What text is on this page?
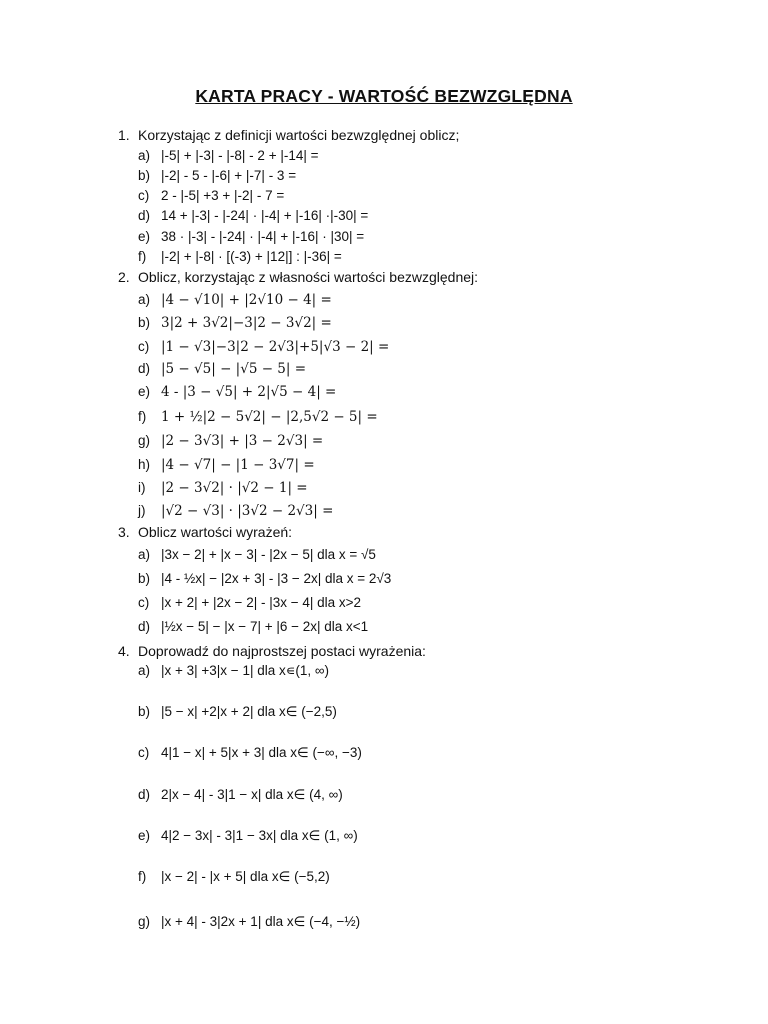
KARTA PRACY - WARTOŚĆ BEZWZGLĘDNA
1. Korzystając z definicji wartości bezwzględnej oblicz;
a) |-5| + |-3| - |-8| - 2 + |-14| =
b) |-2| - 5 - |-6| + |-7| - 3 =
c) 2 - |-5| +3 + |-2| - 7 =
d) 14 + |-3| - |-24| · |-4| + |-16| ·|-30| =
e) 38 · |-3| - |-24| · |-4| + |-16| · |30| =
f) |-2| + |-8| · [(-3) + |12|] : |-36| =
2. Oblicz, korzystając z własności wartości bezwzględnej:
a) |4 − √10| + |2√10 − 4| =
b) 3|2 + 3√2|−3|2 − 3√2| =
c) |1 − √3|−3|2 − 2√3|+5|√3 − 2| =
d) |5 − √5| − |√5 − 5| =
e) 4 - |3 − √5| + 2|√5 − 4| =
f) 1 + ½|2 − 5√2| − |2,5√2 − 5| =
g) |2 − 3√3| + |3 − 2√3| =
h) |4 − √7| − |1 − 3√7| =
i) |2 − 3√2| · |√2 − 1| =
j) |√2 − √3| · |3√2 − 2√3| =
3. Oblicz wartości wyrażeń:
a) |3x − 2| + |x − 3| - |2x − 5| dla x = √5
b) |4 - ½x| − |2x + 3| - |3 − 2x| dla x = 2√3
c) |x + 2| + |2x − 2| - |3x − 4| dla x>2
d) |½x − 5| − |x − 7| + |6 − 2x| dla x<1
4. Doprowadź do najprostszej postaci wyrażenia:
a) |x + 3| +3|x − 1| dla x∊(1, ∞)
b) |5 − x| +2|x + 2| dla x∈ (−2,5)
c) 4|1 − x| + 5|x + 3| dla x∈ (−∞, −3)
d) 2|x − 4| - 3|1 − x| dla x∈ (4, ∞)
e) 4|2 − 3x| - 3|1 − 3x| dla x∈ (1, ∞)
f) |x − 2| - |x + 5| dla x∈ (−5,2)
g) |x + 4| - 3|2x + 1| dla x∈ (−4, −½)
